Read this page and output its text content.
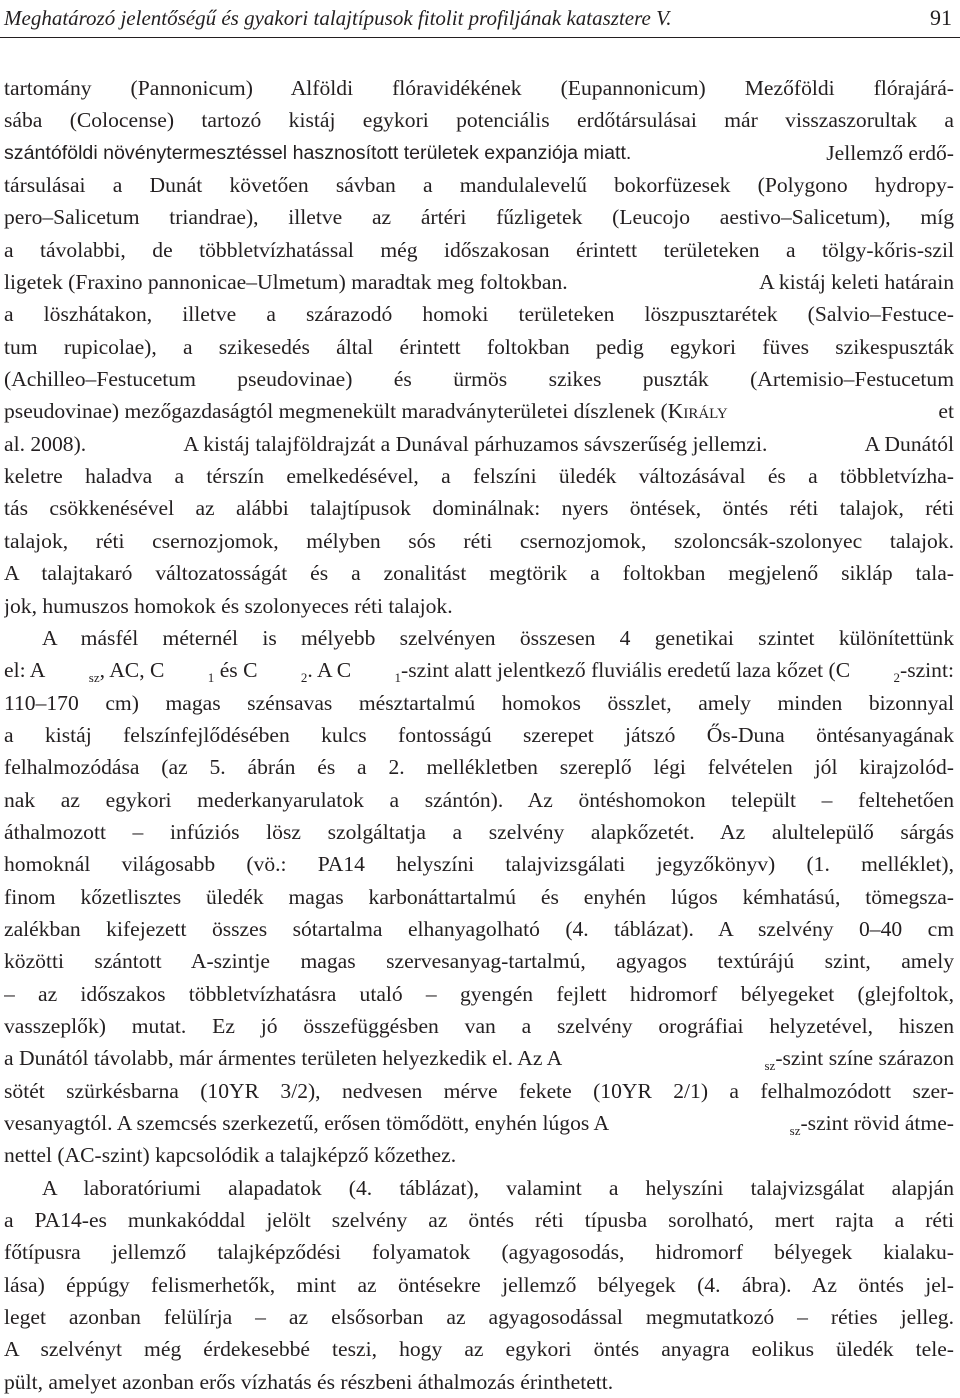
Meghatározó jelentőségű és gyakori talajtípusok fitolit profiljának katasztere V.	91
tartomány (Pannonicum) Alföldi flóravidékének (Eupannonicum) Mezőföldi flórajárá-
sába (Colocense) tartozó kistáj egykori potenciális erdőtársulásai már visszaszorultak a
szántóföldi növénytermesztéssel hasznosított területek expanziója miatt.	Jellemző erdő-
társulásai a Dunát követően sávban a mandulalevelű bokorfüzesek (Polygono hydropy-
pero–Salicetum triandrae), illetve az ártéri fűzligetek (Leucojo aestivo–Salicetum), míg
a távolabbi, de többletvízhatással még időszakosan érintett területeken a tölgy-kőris-szil
ligetek (Fraxino pannonicae–Ulmetum) maradtak meg foltokban.	A kistáj keleti határain
a löszhátakon, illetve a szárazodó homoki területeken löszpusztarétek (Salvio–Festuce-
tum rupicolae), a szikesedés által érintett foltokban pedig egykori füves szikespuszták
(Achilleo–Festucetum pseudovinae) és ürmös szikes puszták (Artemisio–Festucetum
pseudovinae) mezőgazdaságtól megmenekült maradványterületei díszlenek (Király	et
al. 2008).	A kistáj talajföldrajzát a Dunával párhuzamos sávszerűség jellemzi.	A Dunától
keletre haladva a térszín emelkedésével, a felszíni üledék változásával és a többletvízha-
tás csökkenésével az alábbi talajtípusok dominálnak: nyers öntések, öntés réti talajok, réti
talajok, réti csernozjomok, mélyben sós réti csernozjomok, szoloncsák-szolonyec talajok.
A talajtakaró változatosságát és a zonalitást megtörik a foltokban megjelenő sikláp tala-
jok, humuszos homokok és szolonyeces réti talajok.
A másfél méternél is mélyebb szelvényen összesen 4 genetikai szintet különítettünk
el: A	$_{sz}$, AC, C	$_1$ és C	$_2$. A C	$_1$-szint alatt jelentkező fluviális eredetű laza kőzet (C	$_2$-szint:
110–170 cm) magas szénsavas mésztartalmú homokos összlet, amely minden bizonnyal
a kistáj felszínfejlődésében kulcs fontosságú szerepet játszó Ős-Duna öntésanyagának
felhalmozódása (az 5. ábrán és a 2. mellékletben szereplő légi felvételen jól kirajzolód-
nak az egykori mederkanyarulatok a szántón). Az öntéshomokon települt – feltehetően
áthalmozott – infúziós lösz szolgáltatja a szelvény alapkőzetét. Az alultelepülő sárgás
homoknál világosabb (vö.: PA14 helyszíni talajvizsgálati jegyzőkönyv) (1. melléklet),
finom kőzetlisztes üledék magas karbonáttartalmú és enyhén lúgos kémhatású, tömegsza-
zalékban kifejezett összes sótartalma elhanyagolható (4. táblázat). A szelvény 0–40 cm
közötti szántott A-szintje magas szervesanyag-tartalmú, agyagos textúrájú szint, amely
– az időszakos többletvízhatásra utaló – gyengén fejlett hidromorf bélyegeket (glejfoltok,
vasszeplők) mutat. Ez jó összefüggésben van a szelvény orográfiai helyzetével, hiszen
a Dunától távolabb, már ármentes területen helyezkedik el. Az A	$_{sz}$-szint színe szárazon
sötét szürkésbarna (10YR 3/2), nedvesen mérve fekete (10YR 2/1) a felhalmozódott szer-
vesanyagtól. A szemcsés szerkezetű, erősen tömődött, enyhén lúgos A	$_{sz}$-szint rövid átme-
nettel (AC-szint) kapcsolódik a talajképző kőzethez.
A laboratóriumi alapadatok (4. táblázat), valamint a helyszíni talajvizsgálat alapján
a PA14-es munkakóddal jelölt szelvény az öntés réti típusba sorolható, mert rajta a réti
főtípusra jellemző talajképződési folyamatok (agyagosodás, hidromorf bélyegek kialaku-
lása) éppúgy felismerhetők, mint az öntésekre jellemző bélyegek (4. ábra). Az öntés jel-
leget azonban felülírja – az elsősorban az agyagosodással megmutatkozó – réties jelleg.
A szelvényt még érdekesebbé teszi, hogy az egykori öntés anyagra eolikus üledék tele-
pült, amelyet azonban erős vízhatás és részbeni áthalmozás érinthetett.
